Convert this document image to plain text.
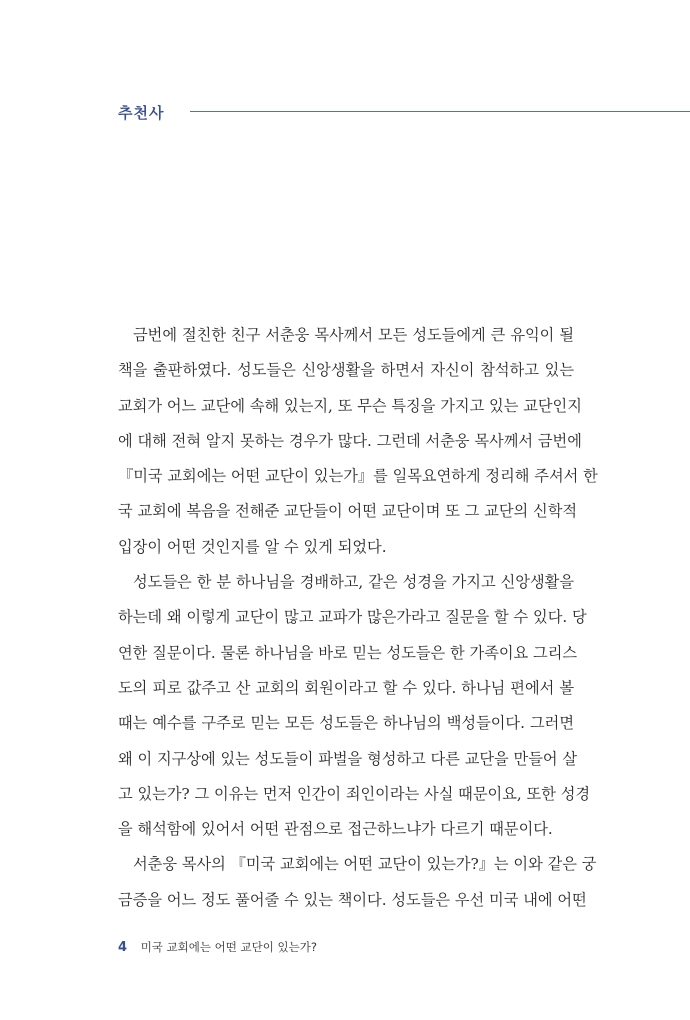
추천사
금번에 절친한 친구 서춘웅 목사께서 모든 성도들에게 큰 유익이 될
책을 출판하였다. 성도들은 신앙생활을 하면서 자신이 참석하고 있는
교회가 어느 교단에 속해 있는지, 또 무슨 특징을 가지고 있는 교단인지
에 대해 전혀 알지 못하는 경우가 많다. 그런데 서춘웅 목사께서 금번에
『미국 교회에는 어떤 교단이 있는가』를 일목요연하게 정리해 주셔서 한
국 교회에 복음을 전해준 교단들이 어떤 교단이며 또 그 교단의 신학적
입장이 어떤 것인지를 알 수 있게 되었다.
성도들은 한 분 하나님을 경배하고, 같은 성경을 가지고 신앙생활을
하는데 왜 이렇게 교단이 많고 교파가 많은가라고 질문을 할 수 있다. 당
연한 질문이다. 물론 하나님을 바로 믿는 성도들은 한 가족이요 그리스
도의 피로 값주고 산 교회의 회원이라고 할 수 있다. 하나님 편에서 볼
때는 예수를 구주로 믿는 모든 성도들은 하나님의 백성들이다. 그러면
왜 이 지구상에 있는 성도들이 파벌을 형성하고 다른 교단을 만들어 살
고 있는가? 그 이유는 먼저 인간이 죄인이라는 사실 때문이요, 또한 성경
을 해석함에 있어서 어떤 관점으로 접근하느냐가 다르기 때문이다.
서춘웅 목사의 『미국 교회에는 어떤 교단이 있는가?』는 이와 같은 궁
금증을 어느 정도 풀어줄 수 있는 책이다. 성도들은 우선 미국 내에 어떤
4 미국 교회에는 어떤 교단이 있는가?
